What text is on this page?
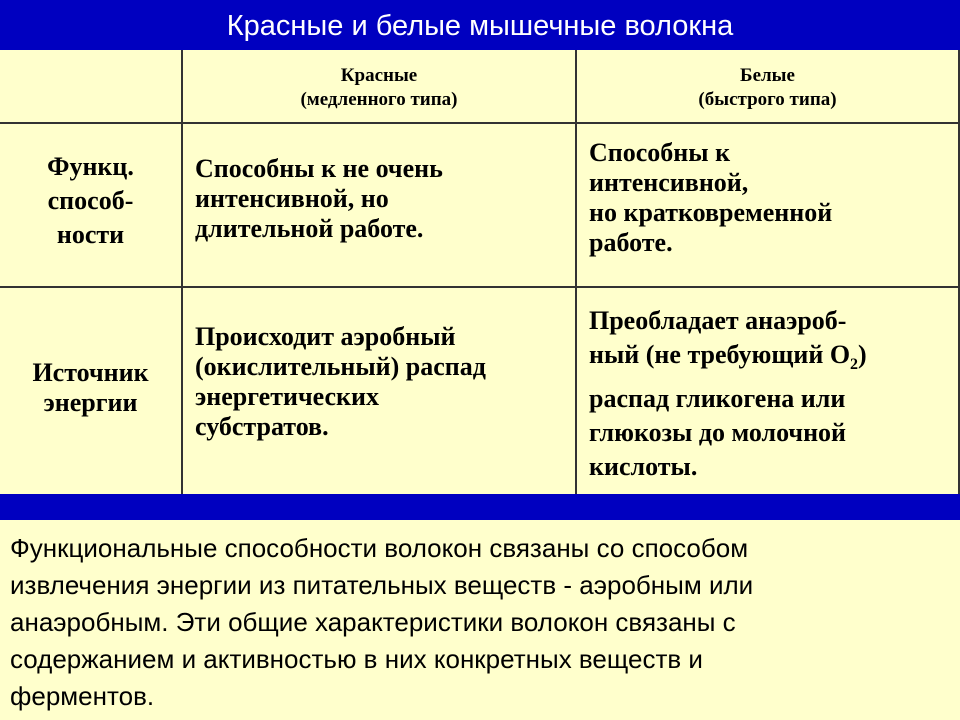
Красные и белые мышечные волокна
Красные
(медленного типа)
Белые
(быстрого типа)
Функц.
способ-
ности
Способны к не очень
интенсивной, но
длительной работе.
Способны к
интенсивной,
но кратковременной
работе.
Источник
энергии
Происходит аэробный
(окислительный) распад
энергетических
субстратов.
Преобладает анаэроб-
ный (не требующий $O_2$)
распад гликогена или
глюкозы до молочной
кислоты.
Функциональные способности волокон связаны со способом
извлечения энергии из питательных веществ - аэробным или
анаэробным. Эти общие характеристики волокон связаны с
содержанием и активностью в них конкретных веществ и
ферментов.
